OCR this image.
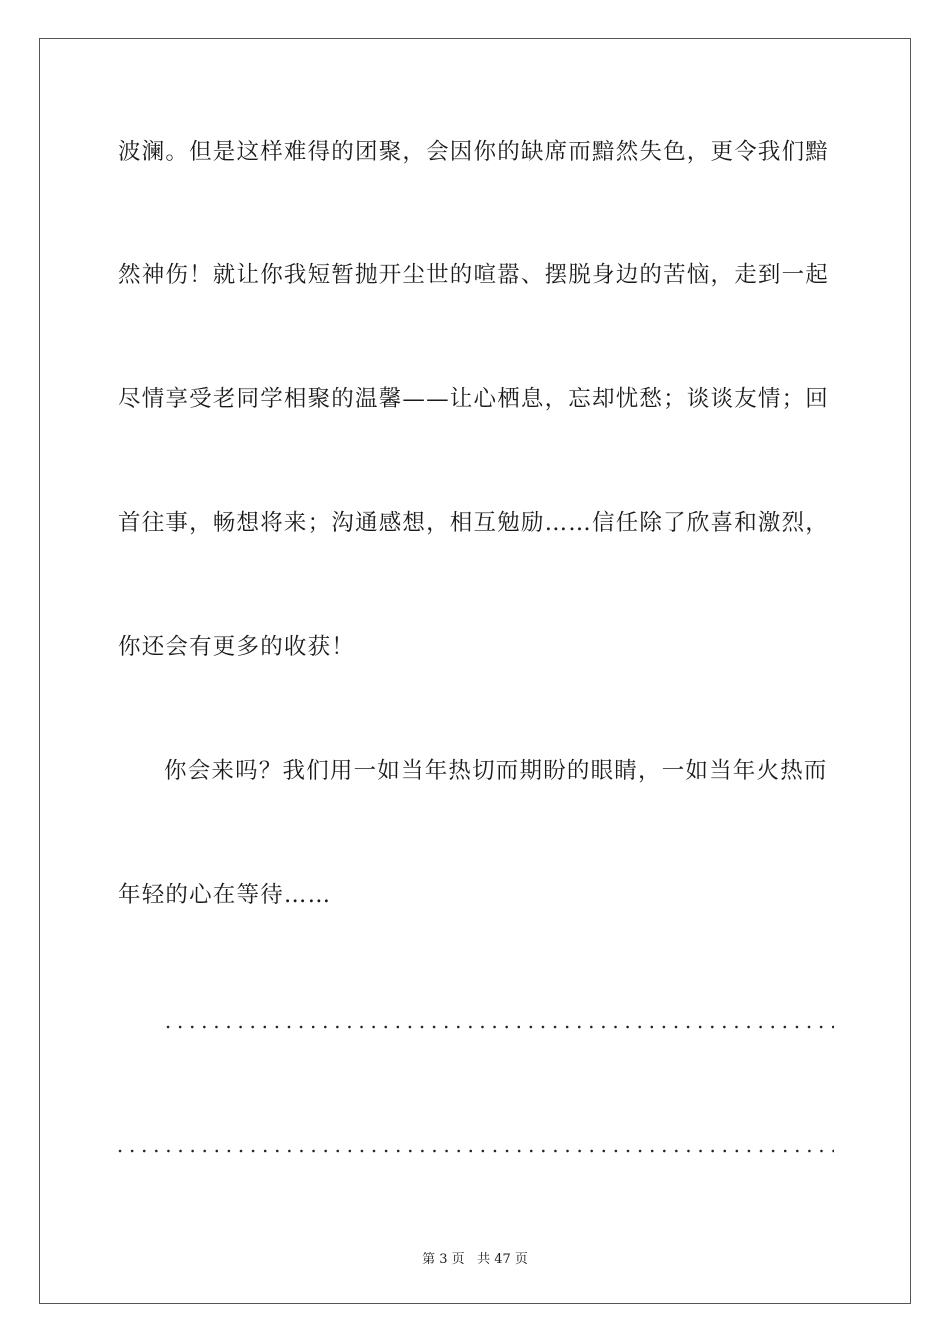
波澜。但是这样难得的团聚，会因你的缺席而黯然失色，更令我们黯
然神伤！就让你我短暂抛开尘世的喧嚣、摆脱身边的苦恼，走到一起
尽情享受老同学相聚的温馨——让心栖息，忘却忧愁；谈谈友情；回
首往事，畅想将来；沟通感想，相互勉励……信任除了欣喜和激烈，
你还会有更多的收获！
你会来吗？我们用一如当年热切而期盼的眼睛，一如当年火热而
年轻的心在等待……
第 3 页 共 47 页
